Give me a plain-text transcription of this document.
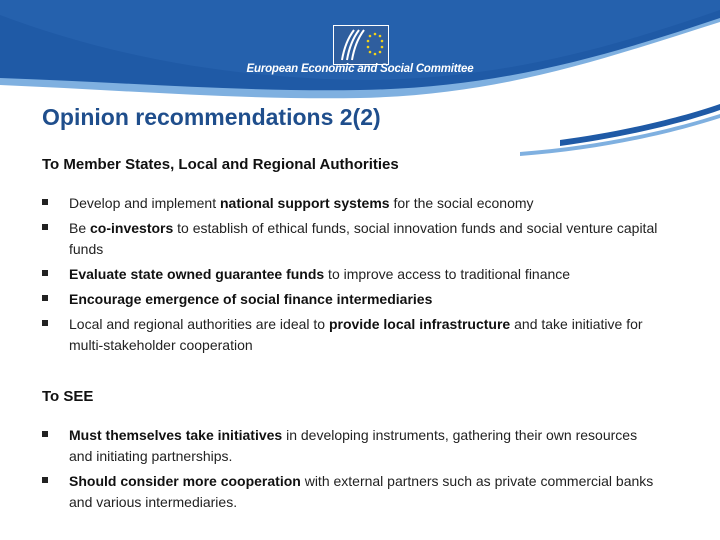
European Economic and Social Committee
Opinion recommendations 2(2)
To Member States, Local and Regional Authorities
Develop and implement national support systems for the social economy
Be co-investors to establish of ethical funds, social innovation funds and social venture capital funds
Evaluate state owned guarantee funds to improve access to traditional finance
Encourage emergence of social finance intermediaries
Local and regional authorities are ideal to provide local infrastructure and take initiative for multi-stakeholder cooperation
To SEE
Must themselves take initiatives in developing instruments, gathering their own resources and initiating partnerships.
Should consider more cooperation with external partners such as private commercial banks and various intermediaries.
